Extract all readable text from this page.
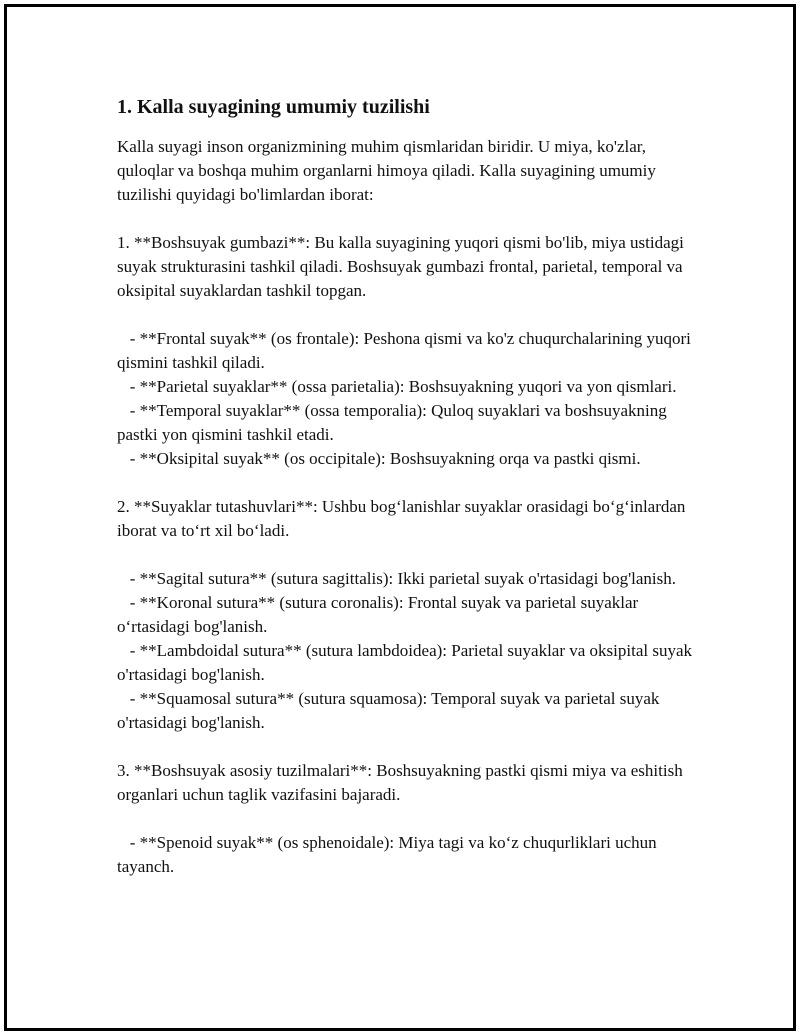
1. Kalla suyagining umumiy tuzilishi

Kalla suyagi inson organizmining muhim qismlaridan biridir. U miya, ko'zlar, quloqlar va boshqa muhim organlarni himoya qiladi. Kalla suyagining umumiy tuzilishi quyidagi bo'limlardan iborat:

1. **Boshsuyak gumbazi**: Bu kalla suyagining yuqori qismi bo'lib, miya ustidagi suyak strukturasini tashkil qiladi. Boshsuyak gumbazi frontal, parietal, temporal va oksipital suyaklardan tashkil topgan.

- **Frontal suyak** (os frontale): Peshona qismi va ko'z chuqurchalarining yuqori qismini tashkil qiladi.

- **Parietal suyaklar** (ossa parietalia): Boshsuyakning yuqori va yon qismlari.

- **Temporal suyaklar** (ossa temporalia): Quloq suyaklari va boshsuyakning pastki yon qismini tashkil etadi.

- **Oksipital suyak** (os occipitale): Boshsuyakning orqa va pastki qismi.

2. **Suyaklar tutashuvlari**: Ushbu bog‘lanishlar suyaklar orasidagi bo‘g‘inlardan iborat va to‘rt xil bo‘ladi.

- **Sagital sutura** (sutura sagittalis): Ikki parietal suyak o'rtasidagi bog'lanish.

- **Koronal sutura** (sutura coronalis): Frontal suyak va parietal suyaklar o‘rtasidagi bog'lanish.

- **Lambdoidal sutura** (sutura lambdoidea): Parietal suyaklar va oksipital suyak o'rtasidagi bog'lanish.

- **Squamosal sutura** (sutura squamosa): Temporal suyak va parietal suyak o'rtasidagi bog'lanish.

3. **Boshsuyak asosiy tuzilmalari**: Boshsuyakning pastki qismi miya va eshitish organlari uchun taglik vazifasini bajaradi.

- **Spenoid suyak** (os sphenoidale): Miya tagi va ko‘z chuqurliklari uchun tayanch.
